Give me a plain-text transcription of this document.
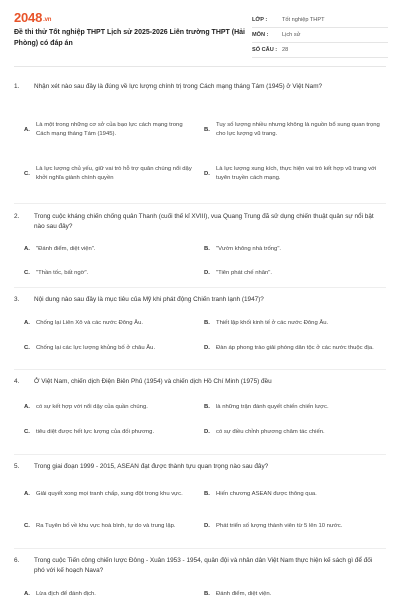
2048.vn
Đề thi thử Tốt nghiệp THPT Lịch sử 2025-2026 Liên trường THPT (Hải Phòng) có đáp án
LỚP :	Tốt nghiệp THPT
MÔN :	Lịch sử
SỐ CÂU : 28
1.	Nhận xét nào sau đây là đúng về lực lượng chính trị trong Cách mạng tháng Tám (1945) ở Việt Nam?
A.
Là một trong những cơ sở của bạo lực cách mạng trong Cách mạng tháng Tám (1945).
B.
Tuy số lượng nhiều nhưng không là nguồn bổ sung quan trọng cho lực lượng vũ trang.
C.
Là lực lượng chủ yếu, giữ vai trò hỗ trợ quân chúng nổi dậy khởi nghĩa giành chính quyền
D.
Là lực lượng xung kích, thực hiện vai trò kết hợp vũ trang với tuyên truyền cách mạng.
2.	Trong cuộc kháng chiến chống quân Thanh (cuối thế kỉ XVIII), vua Quang Trung đã sử dụng chiến thuật quân sự nổi bật nào sau đây?
A.	"Đánh điểm, diệt viện".	B.	"Vườn không nhà trống".
C.	"Thần tốc, bất ngờ".	D.	"Tiên phát chế nhân".
3.	Nội dung nào sau đây là mục tiêu của Mỹ khi phát động Chiến tranh lạnh (1947)?
A.	Chống lại Liên Xô và các nước Đông Âu.	B.	Thiết lập khối kinh tế ở các nước Đông Âu.
C.	Chống lại các lực lượng khủng bố ở châu Âu.	D.	Đàn áp phong trào giải phóng dân tộc ở các nước thuộc địa.
4.	Ở Việt Nam, chiến dịch Điện Biên Phủ (1954) và chiến dịch Hồ Chí Minh (1975) đều
A.	có sự kết hợp với nổi dậy của quần chúng.	B.	là những trận đánh quyết chiến chiến lược.
C.	tiêu diệt được hết lực lượng của đối phương.	D.	có sự điều chỉnh phương châm tác chiến.
5.	Trong giai đoạn 1999 - 2015, ASEAN đạt được thành tựu quan trọng nào sau đây?
A.	Giải quyết xong mọi tranh chấp, xung đột trong khu vực.	B.	Hiến chương ASEAN được thông qua.
C.	Ra Tuyên bố về khu vực hoà bình, tự do và trung lập.	D.	Phát triển số lượng thành viên từ 5 lên 10 nước.
6.	Trong cuộc Tiến công chiến lược Đông - Xuân 1953 - 1954, quân đội và nhân dân Việt Nam thực hiện kế sách gì để đối phó với kế hoạch Nava?
A.	Lừa địch để đánh địch.	B.	Đánh điểm, diệt viện.
